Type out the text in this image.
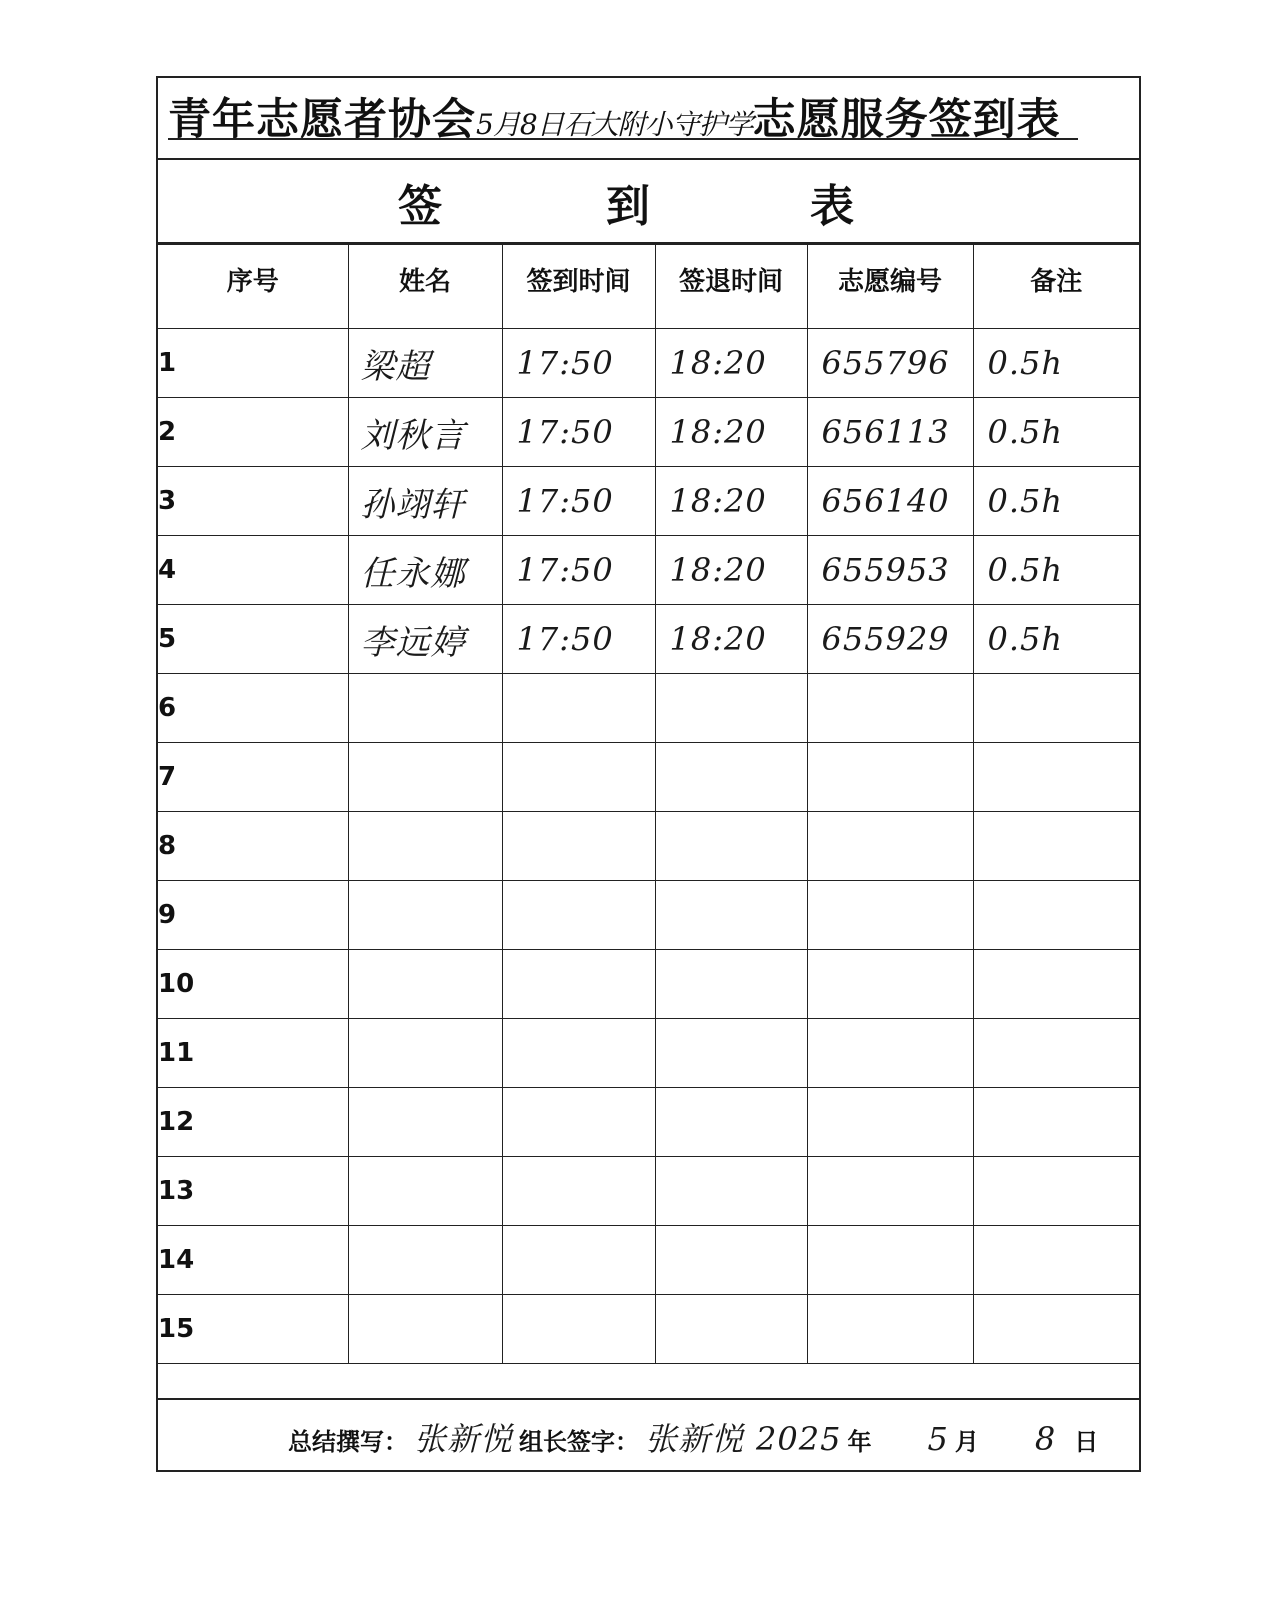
青年志愿者协会5月8日石大附小守护学志愿服务签到表
签	到	表
序号	姓名	签到时间	签退时间	志愿编号	备注
1	梁超	17:50	18:20	655796	0.5h

2	刘秋言	17:50	18:20	656113	0.5h

3	孙翊轩	17:50	18:20	656140	0.5h

4	任永娜	17:50	18:20	655953	0.5h

5	李远婷	17:50	18:20	655929	0.5h

6	

7	

8	

9	

10	

11	

12	

13	

14	

15	

总结撰写： 张新悦 组长签字： 张新悦 2025 年 5 月 8 日
